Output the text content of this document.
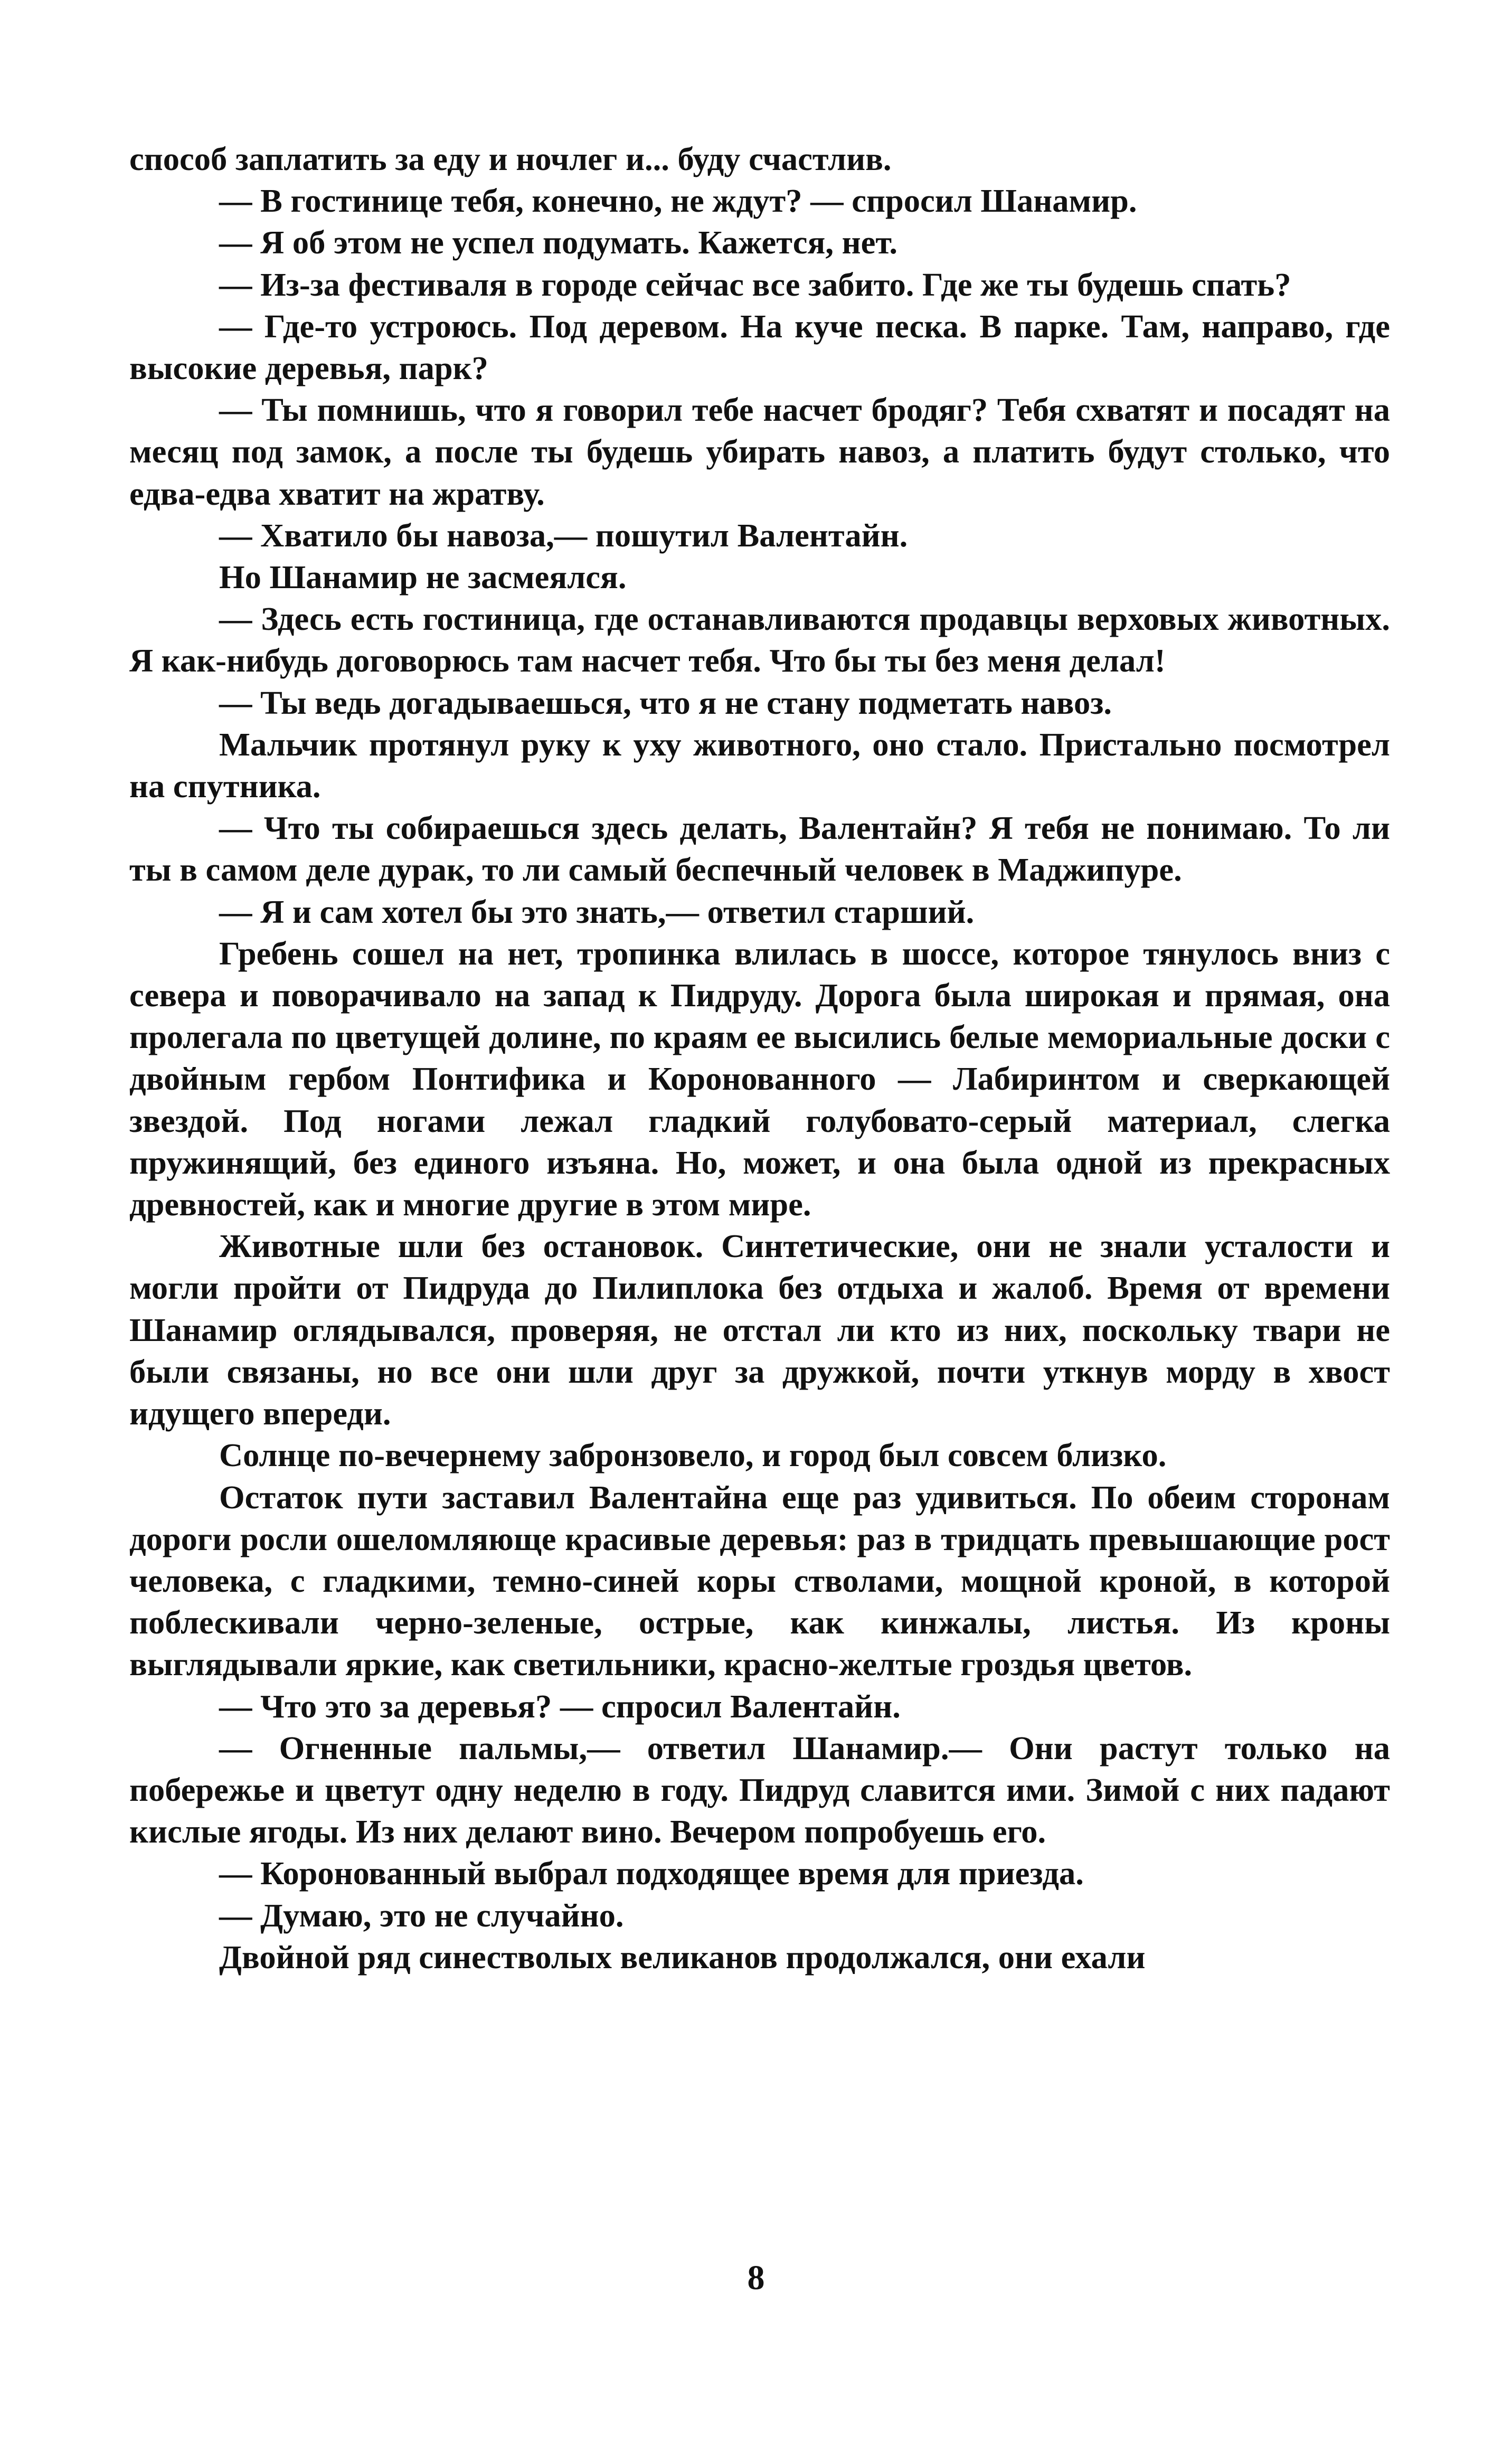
способ заплатить за еду и ночлег и... буду счастлив.

— В гостинице тебя, конечно, не ждут? — спросил Шанамир.

— Я об этом не успел подумать. Кажется, нет.

— Из-за фестиваля в городе сейчас все забито. Где же ты будешь спать?

— Где-то устроюсь. Под деревом. На куче песка. В парке. Там, направо, где высокие деревья, парк?

— Ты помнишь, что я говорил тебе насчет бродяг? Тебя схватят и посадят на месяц под замок, а после ты будешь убирать навоз, а платить будут столько, что едва-едва хватит на жратву.

— Хватило бы навоза,— пошутил Валентайн.

Но Шанамир не засмеялся.

— Здесь есть гостиница, где останавливаются продавцы верховых животных. Я как-нибудь договорюсь там насчет тебя. Что бы ты без меня делал!

— Ты ведь догадываешься, что я не стану подметать навоз.

Мальчик протянул руку к уху животного, оно стало. Пристально посмотрел на спутника.

— Что ты собираешься здесь делать, Валентайн? Я тебя не понимаю. То ли ты в самом деле дурак, то ли самый беспечный человек в Маджипуре.

— Я и сам хотел бы это знать,— ответил старший.

Гребень сошел на нет, тропинка влилась в шоссе, которое тянулось вниз с севера и поворачивало на запад к Пидруду. Дорога была широкая и прямая, она пролегала по цветущей долине, по краям ее высились белые мемориальные доски с двойным гербом Понтифика и Коронованного — Лабиринтом и сверкающей звездой. Под ногами лежал гладкий голубовато-серый материал, слегка пружинящий, без единого изъяна. Но, может, и она была одной из прекрасных древностей, как и многие другие в этом мире.

Животные шли без остановок. Синтетические, они не знали усталости и могли пройти от Пидруда до Пилиплока без отдыха и жалоб. Время от времени Шанамир оглядывался, проверяя, не отстал ли кто из них, поскольку твари не были связаны, но все они шли друг за дружкой, почти уткнув морду в хвост идущего впереди.

Солнце по-вечернему забронзовело, и город был совсем близко.

Остаток пути заставил Валентайна еще раз удивиться. По обеим сторонам дороги росли ошеломляюще красивые деревья: раз в тридцать превышающие рост человека, с гладкими, темно-синей коры стволами, мощной кроной, в которой поблескивали черно-зеленые, острые, как кинжалы, листья. Из кроны выглядывали яркие, как светильники, красно-желтые гроздья цветов.

— Что это за деревья? — спросил Валентайн.

— Огненные пальмы,— ответил Шанамир.— Они растут только на побережье и цветут одну неделю в году. Пидруд славится ими. Зимой с них падают кислые ягоды. Из них делают вино. Вечером попробуешь его.

— Коронованный выбрал подходящее время для приезда.

— Думаю, это не случайно.

Двойной ряд синестволых великанов продолжался, они ехали

8
